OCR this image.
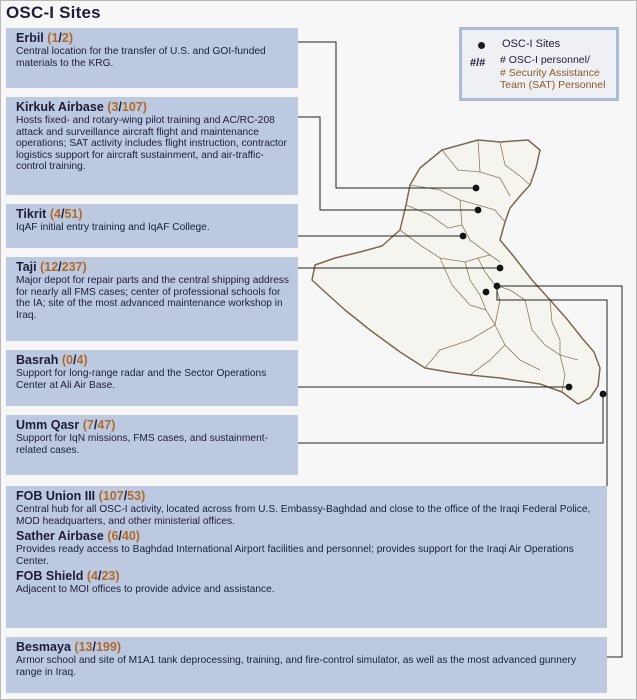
OSC-I Sites
OSC-I Sites
#/# # OSC-I personnel/
# Security Assistance
Team (SAT) Personnel
Erbil (1/2)
Central location for the transfer of U.S. and GOI-funded materials to the KRG.
Kirkuk Airbase (3/107)
Hosts fixed- and rotary-wing pilot training and AC/RC-208 attack and surveillance aircraft flight and maintenance operations; SAT activity includes flight instruction, contractor logistics support for aircraft sustainment, and air-traffic-control training.
Tikrit (4/51)
IqAF initial entry training and IqAF College.
Taji (12/237)
Major depot for repair parts and the central shipping address for nearly all FMS cases; center of professional schools for the IA; site of the most advanced maintenance workshop in Iraq.
Basrah (0/4)
Support for long-range radar and the Sector Operations Center at Ali Air Base.
Umm Qasr (7/47)
Support for IqN missions, FMS cases, and sustainment-related cases.
FOB Union III (107/53)
Central hub for all OSC-I activity, located across from U.S. Embassy-Baghdad and close to the office of the Iraqi Federal Police, MOD headquarters, and other ministerial offices.
Sather Airbase (6/40)
Provides ready access to Baghdad International Airport facilities and personnel; provides support for the Iraqi Air Operations Center.
FOB Shield (4/23)
Adjacent to MOI offices to provide advice and assistance.
Besmaya (13/199)
Armor school and site of M1A1 tank deprocessing, training, and fire-control simulator, as well as the most advanced gunnery range in Iraq.
